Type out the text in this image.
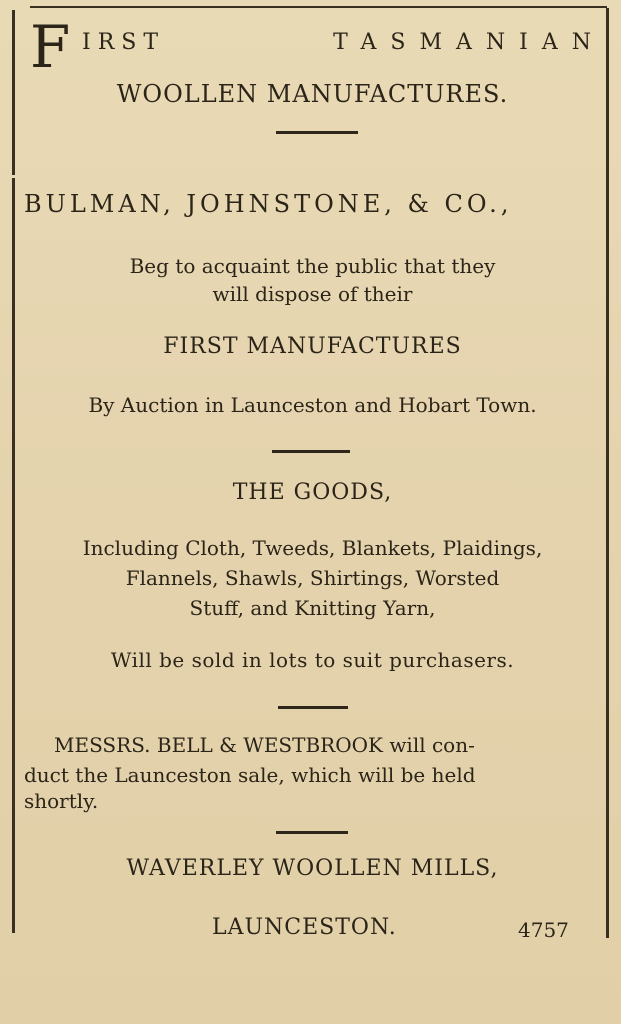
F IRST	TASMANIAN
WOOLLEN MANUFACTURES.
BULMAN, JOHNSTONE, & CO.,
Beg to acquaint the public that they
will dispose of their
FIRST MANUFACTURES
By Auction in Launceston and Hobart Town.
THE GOODS,
Including Cloth, Tweeds, Blankets, Plaidings,
Flannels, Shawls, Shirtings, Worsted
Stuff, and Knitting Yarn,
Will be sold in lots to suit purchasers.
MESSRS. BELL & WESTBROOK will con-
duct the Launceston sale, which will be held
shortly.
WAVERLEY WOOLLEN MILLS,
LAUNCESTON.	4757
